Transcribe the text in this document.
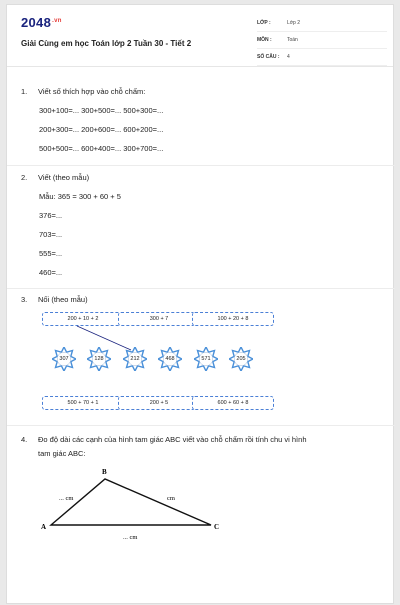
$2048^{.vn}$
Giải Cùng em học Toán lớp 2 Tuần 30 - Tiết 2
LỚP :	Lớp 2
MÔN :	Toán
SỐ CÂU : 4
1. Viết số thích hợp vào chỗ chấm:
300+100=... 300+500=... 500+300=...
200+300=... 200+600=... 600+200=...
500+500=... 600+400=... 300+700=...
2. Viết (theo mẫu)
Mẫu: 365 = 300 + 60 + 5
376=...
703=...
555=...
460=...
3. Nối (theo mẫu)
200 + 10 + 2	300 + 7	100 + 20 + 8
307	128	212	468	571	205
500 + 70 + 1	200 + 5	600 + 60 + 8
4. Đo độ dài các cạnh của hình tam giác ABC viết vào chỗ chấm rồi tính chu vi hình
tam giác ABC:
A
B
C
... cm	cm
... cm
